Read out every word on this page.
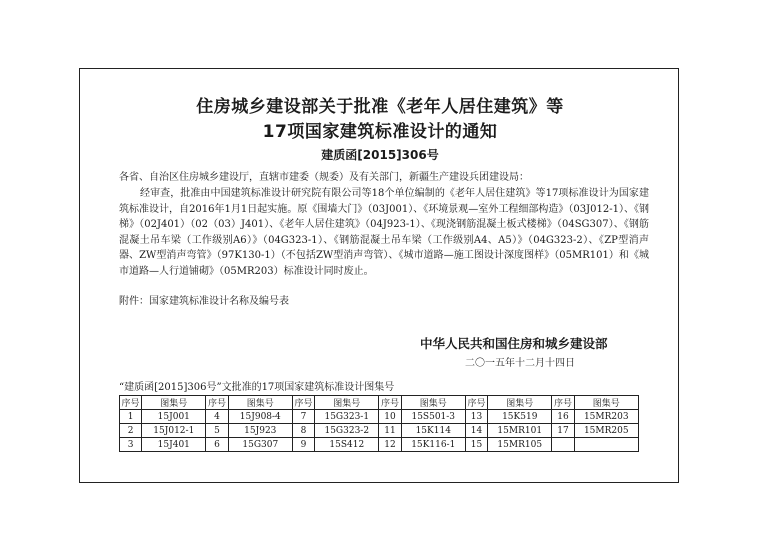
住房城乡建设部关于批准《老年人居住建筑》等
17项国家建筑标准设计的通知
建质函[2015]306号
各省、自治区住房城乡建设厅，直辖市建委（规委）及有关部门，新疆生产建设兵团建设局：
经审查，批准由中国建筑标准设计研究院有限公司等18个单位编制的《老年人居住建筑》等17项标准设计为国家建筑标准设计，自2016年1月1日起实施。原《围墙大门》（03J001）、《环境景观—室外工程细部构造》（03J012-1）、《钢梯》（02J401）（02（03）J401）、《老年人居住建筑》（04J923-1）、《现浇钢筋混凝土板式楼梯》（04SG307）、《钢筋混凝土吊车梁（工作级别A6）》（04G323-1）、《钢筋混凝土吊车梁（工作级别A4、A5）》（04G323-2）、《ZP型消声器、ZW型消声弯管》（97K130-1）（不包括ZW型消声弯管）、《城市道路—施工图设计深度图样》（05MR101）和《城市道路—人行道铺砌》（05MR203）标准设计同时废止。
附件：国家建筑标准设计名称及编号表
中华人民共和国住房和城乡建设部
二〇一五年十二月十四日
“建质函[2015]306号”文批准的17项国家建筑标准设计图集号
序号	图集号	序号	图集号	序号	图集号	序号	图集号	序号	图集号	序号	图集号
1	15J001	4	15J908-4	7	15G323-1	10	15S501-3	13	15K519	16	15MR203
2	15J012-1	5	15J923	8	15G323-2	11	15K114	14	15MR101	17	15MR205
3	15J401	6	15G307	9	15S412	12	15K116-1	15	15MR105		
